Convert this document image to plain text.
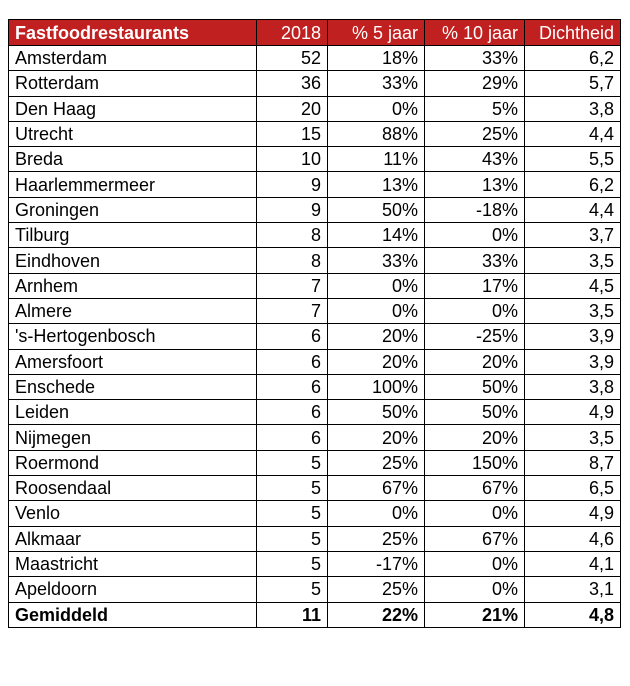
Fastfoodrestaurants	2018	% 5 jaar	% 10 jaar	Dichtheid
Amsterdam	52	18%	33%	6,2
Rotterdam	36	33%	29%	5,7
Den Haag	20	0%	5%	3,8
Utrecht	15	88%	25%	4,4
Breda	10	11%	43%	5,5
Haarlemmermeer	9	13%	13%	6,2
Groningen	9	50%	-18%	4,4
Tilburg	8	14%	0%	3,7
Eindhoven	8	33%	33%	3,5
Arnhem	7	0%	17%	4,5
Almere	7	0%	0%	3,5
's-Hertogenbosch	6	20%	-25%	3,9
Amersfoort	6	20%	20%	3,9
Enschede	6	100%	50%	3,8
Leiden	6	50%	50%	4,9
Nijmegen	6	20%	20%	3,5
Roermond	5	25%	150%	8,7
Roosendaal	5	67%	67%	6,5
Venlo	5	0%	0%	4,9
Alkmaar	5	25%	67%	4,6
Maastricht	5	-17%	0%	4,1
Apeldoorn	5	25%	0%	3,1
Gemiddeld	11	22%	21%	4,8
